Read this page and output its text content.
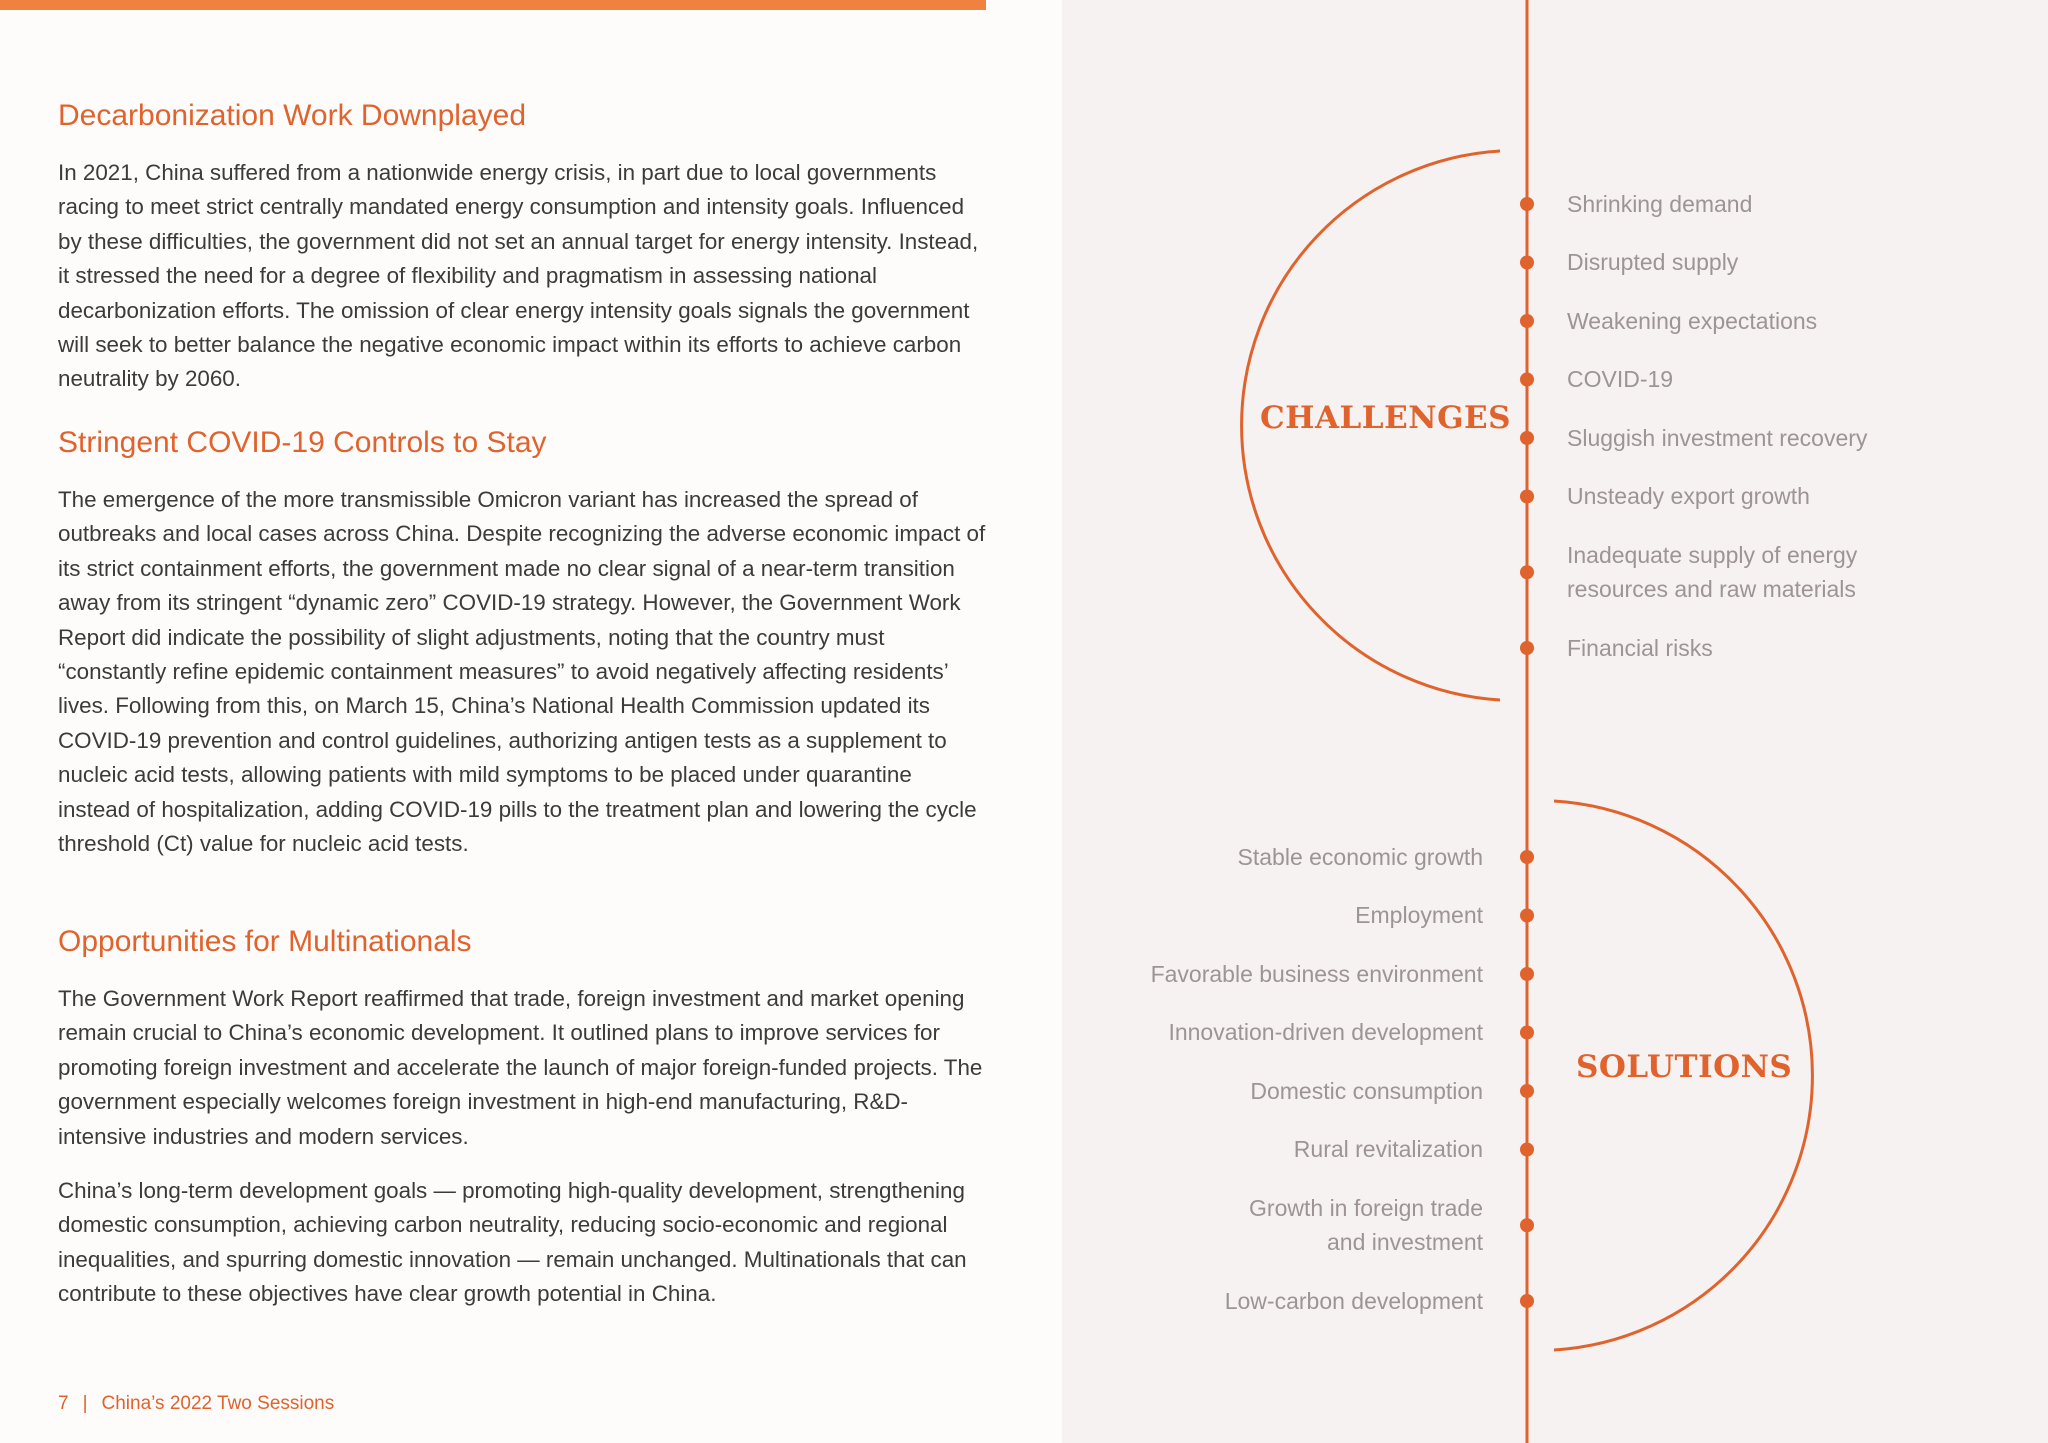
Decarbonization Work Downplayed

In 2021, China suffered from a nationwide energy crisis, in part due to local governments racing to meet strict centrally mandated energy consumption and intensity goals. Influenced by these difficulties, the government did not set an annual target for energy intensity. Instead, it stressed the need for a degree of flexibility and pragmatism in assessing national decarbonization efforts. The omission of clear energy intensity goals signals the government will seek to better balance the negative economic impact within its efforts to achieve carbon neutrality by 2060.

Stringent COVID-19 Controls to Stay

The emergence of the more transmissible Omicron variant has increased the spread of outbreaks and local cases across China. Despite recognizing the adverse economic impact of its strict containment efforts, the government made no clear signal of a near-term transition away from its stringent “dynamic zero” COVID-19 strategy. However, the Government Work Report did indicate the possibility of slight adjustments, noting that the country must “constantly refine epidemic containment measures” to avoid negatively affecting residents’ lives. Following from this, on March 15, China’s National Health Commission updated its COVID-19 prevention and control guidelines, authorizing antigen tests as a supplement to nucleic acid tests, allowing patients with mild symptoms to be placed under quarantine instead of hospitalization, adding COVID-19 pills to the treatment plan and lowering the cycle threshold (Ct) value for nucleic acid tests.

Opportunities for Multinationals

The Government Work Report reaffirmed that trade, foreign investment and market opening remain crucial to China’s economic development. It outlined plans to improve services for promoting foreign investment and accelerate the launch of major foreign-funded projects. The government especially welcomes foreign investment in high-end manufacturing, R&D-intensive industries and modern services.

China’s long-term development goals — promoting high-quality development, strengthening domestic consumption, achieving carbon neutrality, reducing socio-economic and regional inequalities, and spurring domestic innovation — remain unchanged. Multinationals that can contribute to these objectives have clear growth potential in China.

7 | China’s 2022 Two Sessions
CHALLENGES
SOLUTIONS
Shrinking demand
Disrupted supply
Weakening expectations
COVID-19
Sluggish investment recovery
Unsteady export growth
Inadequate supply of energy
resources and raw materials
Financial risks
Stable economic growth
Employment
Favorable business environment
Innovation-driven development
Domestic consumption
Rural revitalization
Growth in foreign trade
and investment
Low-carbon development
